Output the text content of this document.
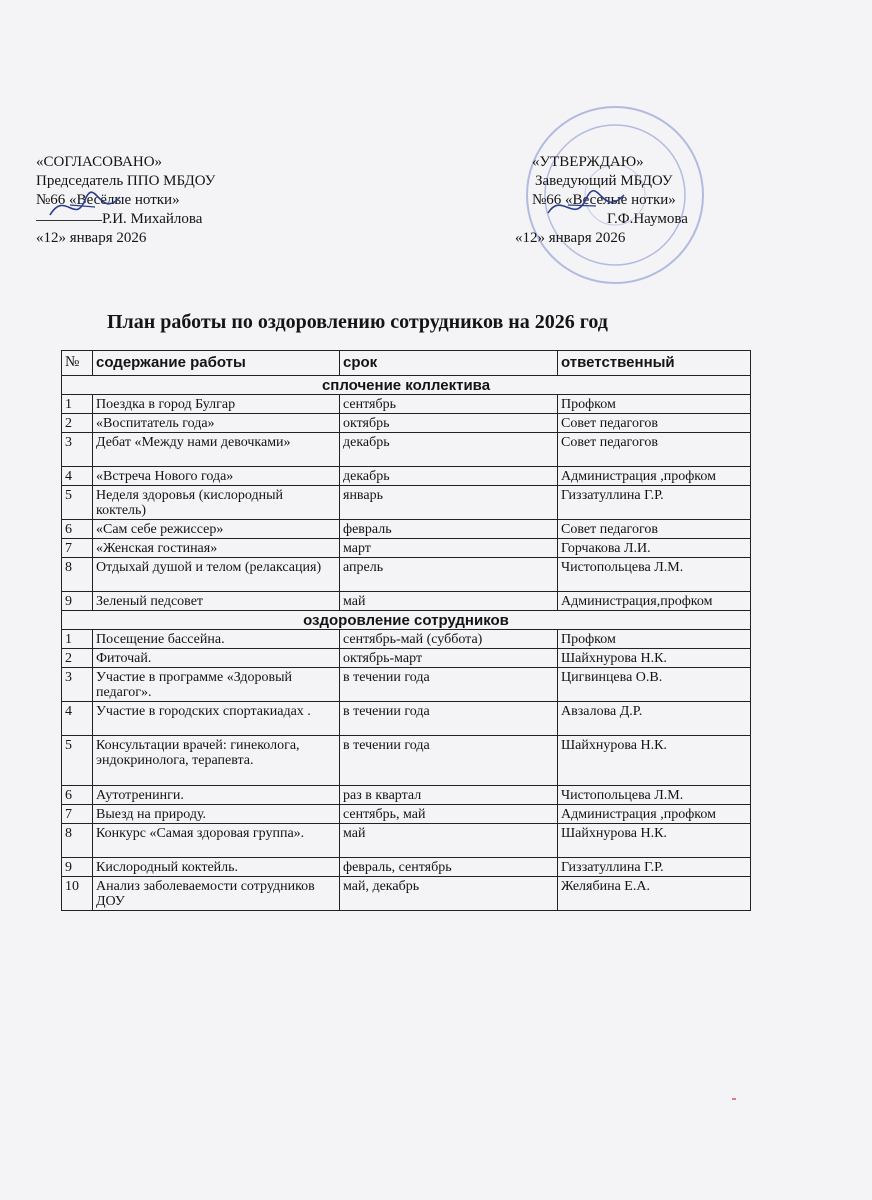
«СОГЛАСОВАНО»
Председатель ППО МБДОУ
№66 «Весёлые нотки»
Р.И. Михайлова
«12» января 2026
«УТВЕРЖДАЮ»
Заведующий МБДОУ
№66 «Веселые нотки»
Г.Ф.Наумова
«12» января 2026
План работы по оздоровлению сотрудников на 2026 год
№	содержание работы	срок	ответственный
сплочение коллектива			
1	Поездка в город Булгар	сентябрь	Профком
2	«Воспитатель года»	октябрь	Совет педагогов
3	Дебат «Между нами девочками»	декабрь	Совет педагогов
4	«Встреча Нового года»	декабрь	Администрация ,профком
5	Неделя здоровья (кислородный коктель)	январь	Гиззатуллина Г.Р.
6	«Сам себе режиссер»	февраль	Совет педагогов
7	«Женская гостиная»	март	Горчакова Л.И.
8	Отдыхай душой и телом (релаксация)	апрель	Чистопольцева Л.М.
9	Зеленый педсовет	май	Администрация,профком
оздоровление сотрудников			
1	Посещение бассейна.	сентябрь-май (суббота)	Профком
2	Фиточай.	октябрь-март	Шайхнурова Н.К.
3	Участие в программе «Здоровый педагог».	в течении года	Цигвинцева О.В.
4	Участие в городских спортакиадах .	в течении года	Авзалова Д.Р.
5	Консультации врачей: гинеколога, эндокринолога, терапевта.	в течении года	Шайхнурова Н.К.
6	Аутотренинги.	раз в квартал	Чистопольцева Л.М.
7	Выезд на природу.	сентябрь, май	Администрация ,профком
8	Конкурс «Самая здоровая группа».	май	Шайхнурова Н.К.
9	Кислородный коктейль.	февраль, сентябрь	Гиззатуллина Г.Р.
10	Анализ заболеваемости сотрудников ДОУ	май, декабрь	Желябина Е.А.
